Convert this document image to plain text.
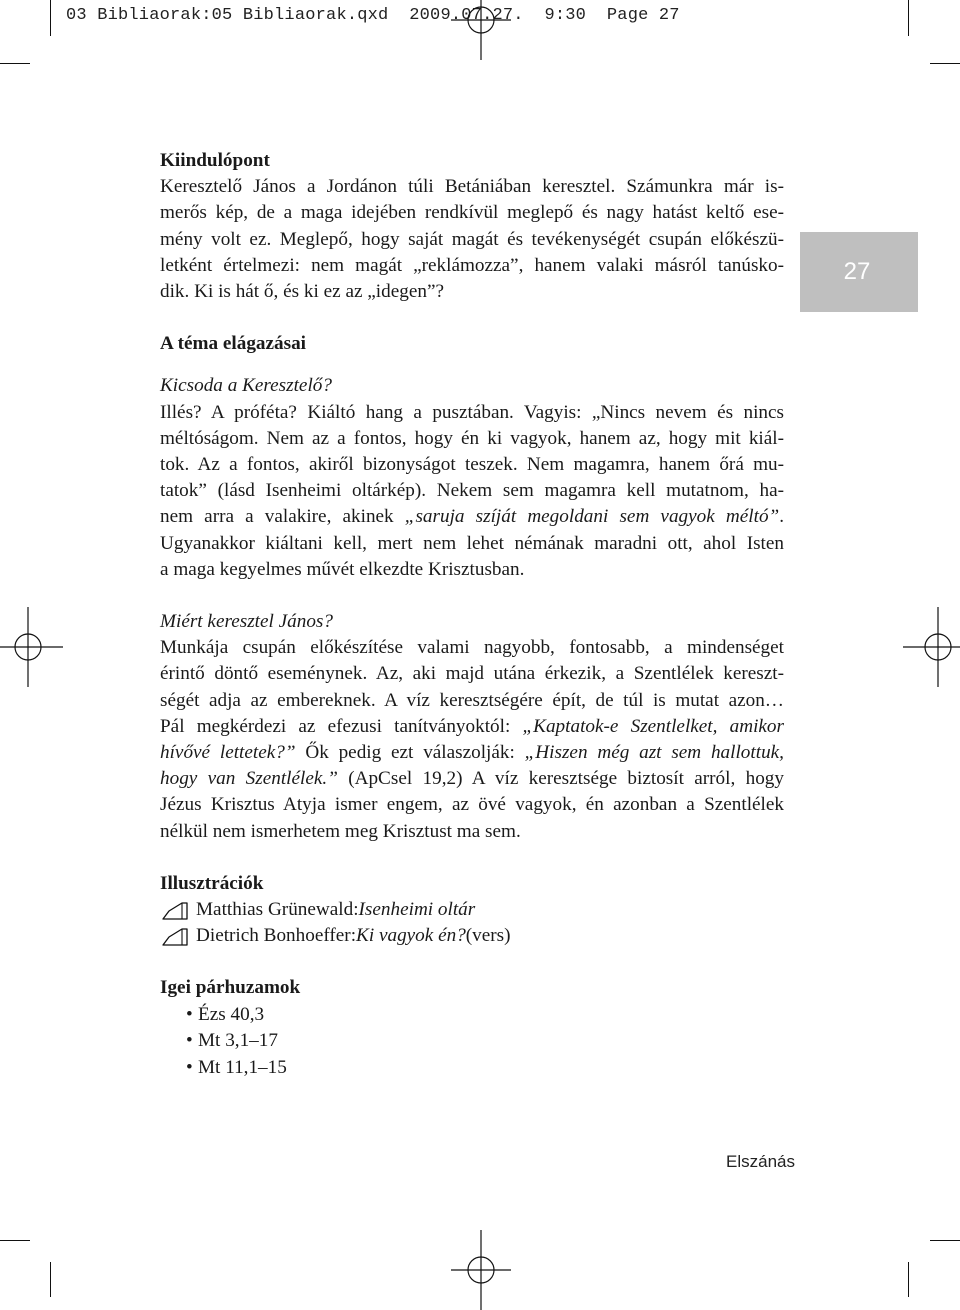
03 Bibliaorak:05 Bibliaorak.qxd  2009.07.27.  9:30  Page 27
27
Kiindulópont
Keresztelő János a Jordánon túli Betániában keresztel. Számunkra már is-
merős kép, de a maga idejében rendkívül meglepő és nagy hatást keltő ese-
mény volt ez. Meglepő, hogy saját magát és tevékenységét csupán előkészü-
letként értelmezi: nem magát „reklámozza”, hanem valaki másról tanúsko-
dik. Ki is hát ő, és ki ez az „idegen”?
A téma elágazásai
Kicsoda a Keresztelő?
Illés? A próféta? Kiáltó hang a pusztában. Vagyis: „Nincs nevem és nincs
méltóságom. Nem az a fontos, hogy én ki vagyok, hanem az, hogy mit kiál-
tok. Az a fontos, akiről bizonyságot teszek. Nem magamra, hanem őrá mu-
tatok” (lásd Isenheimi oltárkép). Nekem sem magamra kell mutatnom, ha-
nem arra a valakire, akinek „saruja szíját megoldani sem vagyok méltó”.
Ugyanakkor kiáltani kell, mert nem lehet némának maradni ott, ahol Isten
a maga kegyelmes művét elkezdte Krisztusban.
Miért keresztel János?
Munkája csupán előkészítése valami nagyobb, fontosabb, a mindenséget
érintő döntő eseménynek. Az, aki majd utána érkezik, a Szentlélek kereszt-
ségét adja az embereknek. A víz keresztségére épít, de túl is mutat azon…
Pál megkérdezi az efezusi tanítványoktól: „Kaptatok-e Szentlelket, amikor
hívővé lettetek?” Ők pedig ezt válaszolják: „Hiszen még azt sem hallottuk,
hogy van Szentlélek.” (ApCsel 19,2) A víz keresztsége biztosít arról, hogy
Jézus Krisztus Atyja ismer engem, az övé vagyok, én azonban a Szentlélek
nélkül nem ismerhetem meg Krisztust ma sem.
Illusztrációk
Matthias Grünewald: Isenheimi oltár
Dietrich Bonhoeffer: Ki vagyok én? (vers)
Igei párhuzamok
• Ézs 40,3
• Mt 3,1–17
• Mt 11,1–15
Elszánás
